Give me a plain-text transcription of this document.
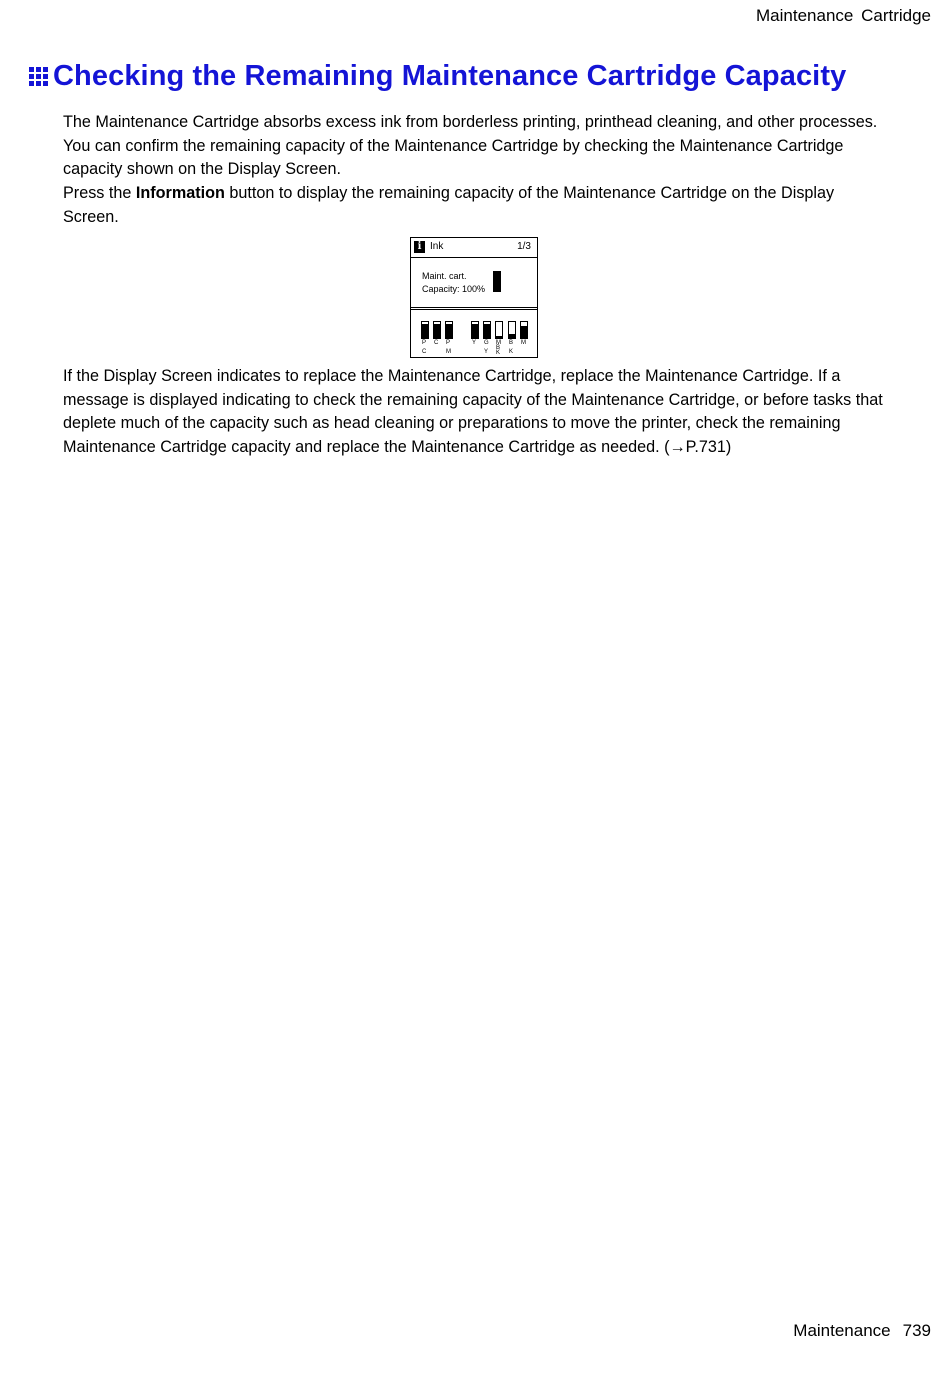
Maintenance Cartridge
Checking the Remaining Maintenance Cartridge Capacity

The Maintenance Cartridge absorbs excess ink from borderless printing, printhead cleaning, and other processes. You can confirm the remaining capacity of the Maintenance Cartridge by checking the Maintenance Cartridge capacity shown on the Display Screen.

Press the Information button to display the remaining capacity of the Maintenance Cartridge on the Display Screen.

i Ink	1/3
Maint. cart.
Capacity: 100%
P
C
C P
M
Y G
Y
M
B
K
B
K
M

If the Display Screen indicates to replace the Maintenance Cartridge, replace the Maintenance Cartridge. If a message is displayed indicating to check the remaining capacity of the Maintenance Cartridge, or before tasks that deplete much of the capacity such as head cleaning or preparations to move the printer, check the remaining Maintenance Cartridge capacity and replace the Maintenance Cartridge as needed. (→P.731)

Maintenance 739
